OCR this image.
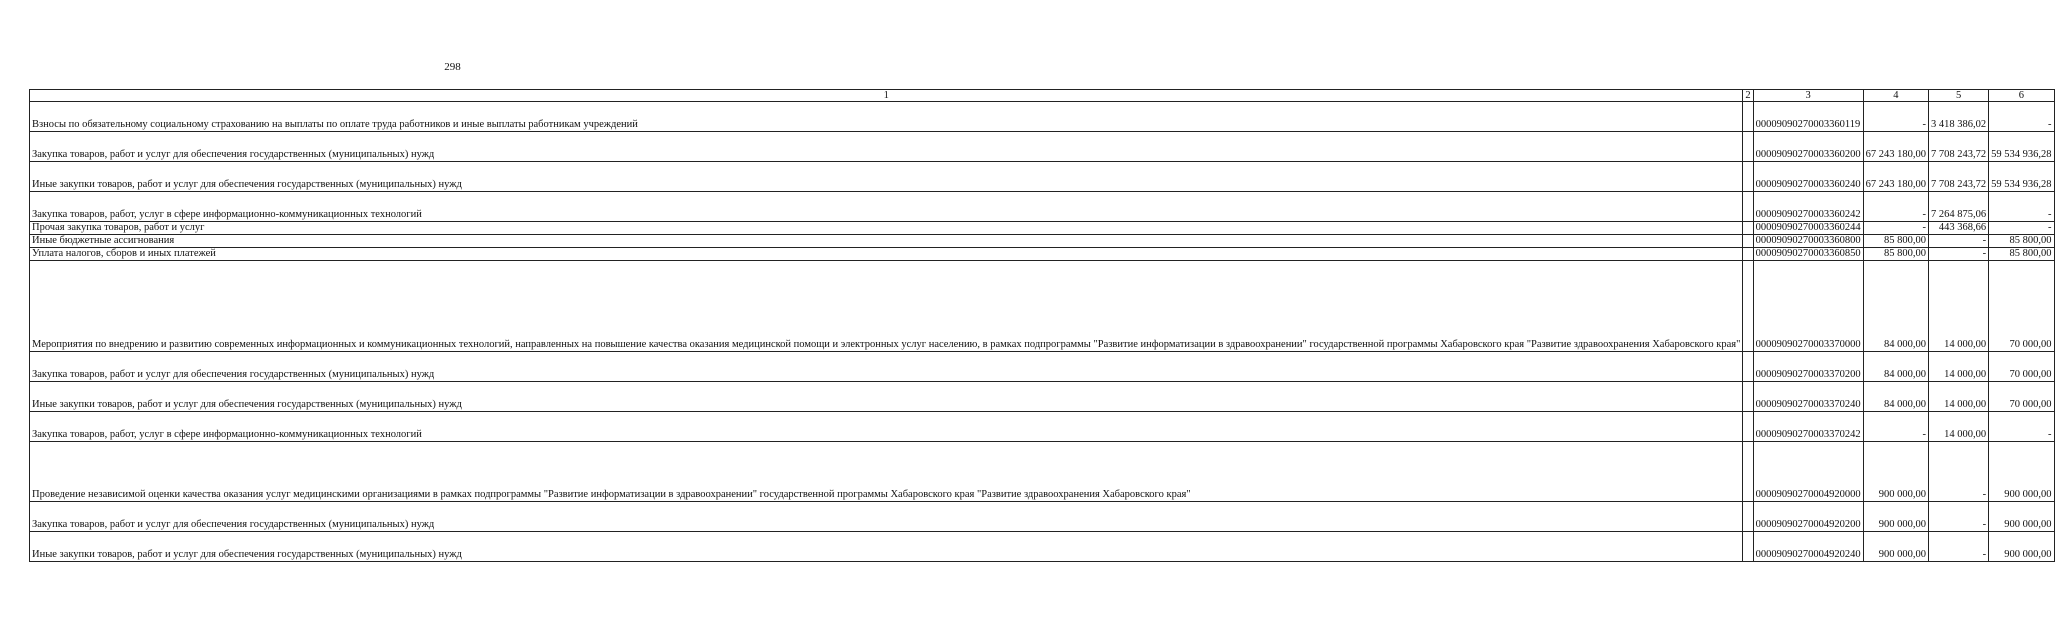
298
1	2	3	4	5	6
Взносы по обязательному социальному страхованию на выплаты по оплате труда работников и иные выплаты работникам учреждений		00009090270003360119	-	3 418 386,02	-
Закупка товаров, работ и услуг для обеспечения государственных (муниципальных) нужд		00009090270003360200	67 243 180,00	7 708 243,72	59 534 936,28
Иные закупки товаров, работ и услуг для обеспечения государственных (муниципальных) нужд		00009090270003360240	67 243 180,00	7 708 243,72	59 534 936,28
Закупка товаров, работ, услуг в сфере информационно-коммуникационных технологий		00009090270003360242	-	7 264 875,06	-
Прочая закупка товаров, работ и услуг		00009090270003360244	-	443 368,66	-
Иные бюджетные ассигнования		00009090270003360800	85 800,00	-	85 800,00
Уплата налогов, сборов и иных платежей		00009090270003360850	85 800,00	-	85 800,00
Мероприятия по внедрению и развитию современных информационных и коммуникационных технологий, направленных на повышение качества оказания медицинской помощи и электронных услуг населению, в рамках подпрограммы "Развитие информатизации в здравоохранении" государственной программы Хабаровского края "Развитие здравоохранения Хабаровского края"		00009090270003370000	84 000,00	14 000,00	70 000,00
Закупка товаров, работ и услуг для обеспечения государственных (муниципальных) нужд		00009090270003370200	84 000,00	14 000,00	70 000,00
Иные закупки товаров, работ и услуг для обеспечения государственных (муниципальных) нужд		00009090270003370240	84 000,00	14 000,00	70 000,00
Закупка товаров, работ, услуг в сфере информационно-коммуникационных технологий		00009090270003370242	-	14 000,00	-
Проведение независимой оценки качества оказания услуг медицинскими организациями в рамках подпрограммы "Развитие информатизации в здравоохранении" государственной программы Хабаровского края "Развитие здравоохранения Хабаровского края"		00009090270004920000	900 000,00	-	900 000,00
Закупка товаров, работ и услуг для обеспечения государственных (муниципальных) нужд		00009090270004920200	900 000,00	-	900 000,00
Иные закупки товаров, работ и услуг для обеспечения государственных (муниципальных) нужд		00009090270004920240	900 000,00	-	900 000,00
